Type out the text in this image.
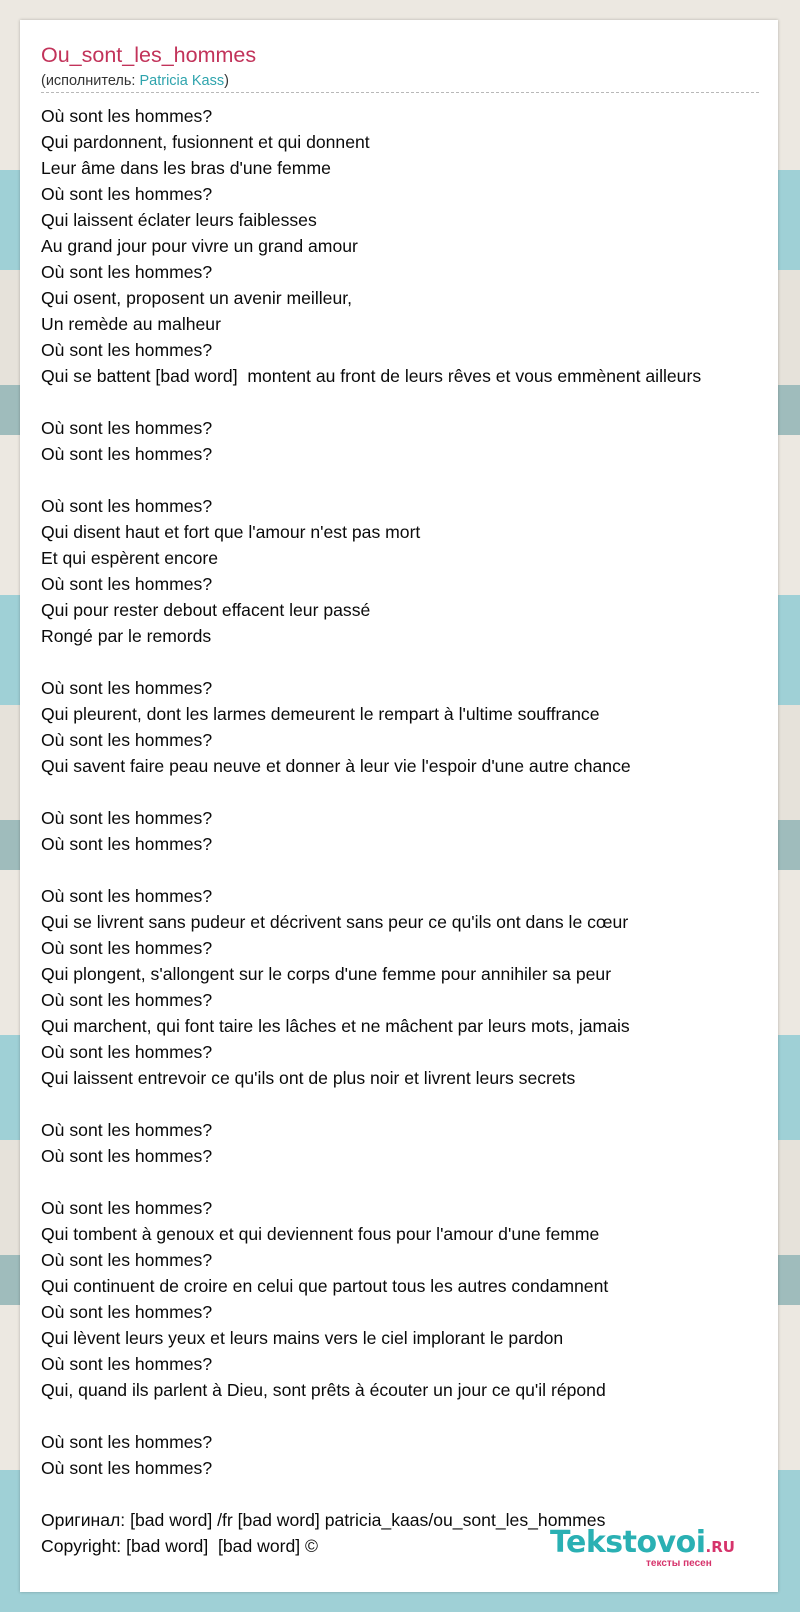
Ou_sont_les_hommes
(исполнитель: Patricia Kass)
Où sont les hommes?
Qui pardonnent, fusionnent et qui donnent
Leur âme dans les bras d'une femme
Où sont les hommes?
Qui laissent éclater leurs faiblesses
Au grand jour pour vivre un grand amour
Où sont les hommes?
Qui osent, proposent un avenir meilleur,
Un remède au malheur
Où sont les hommes?
Qui se battent [bad word]  montent au front de leurs rêves et vous emmènent ailleurs
Où sont les hommes?
Où sont les hommes?
Où sont les hommes?
Qui disent haut et fort que l'amour n'est pas mort
Et qui espèrent encore
Où sont les hommes?
Qui pour rester debout effacent leur passé
Rongé par le remords
Où sont les hommes?
Qui pleurent, dont les larmes demeurent le rempart à l'ultime souffrance
Où sont les hommes?
Qui savent faire peau neuve et donner à leur vie l'espoir d'une autre chance
Où sont les hommes?
Où sont les hommes?
Où sont les hommes?
Qui se livrent sans pudeur et décrivent sans peur ce qu'ils ont dans le cœur
Où sont les hommes?
Qui plongent, s'allongent sur le corps d'une femme pour annihiler sa peur
Où sont les hommes?
Qui marchent, qui font taire les lâches et ne mâchent par leurs mots, jamais
Où sont les hommes?
Qui laissent entrevoir ce qu'ils ont de plus noir et livrent leurs secrets
Où sont les hommes?
Où sont les hommes?
Où sont les hommes?
Qui tombent à genoux et qui deviennent fous pour l'amour d'une femme
Où sont les hommes?
Qui continuent de croire en celui que partout tous les autres condamnent
Où sont les hommes?
Qui lèvent leurs yeux et leurs mains vers le ciel implorant le pardon
Où sont les hommes?
Qui, quand ils parlent à Dieu, sont prêts à écouter un jour ce qu'il répond
Où sont les hommes?
Où sont les hommes?
Оригинал: [bad word] /fr [bad word] patricia_kaas/ou_sont_les_hommes
Copyright: [bad word]  [bad word] ©	Tekstovoi.RU
тексты песен
